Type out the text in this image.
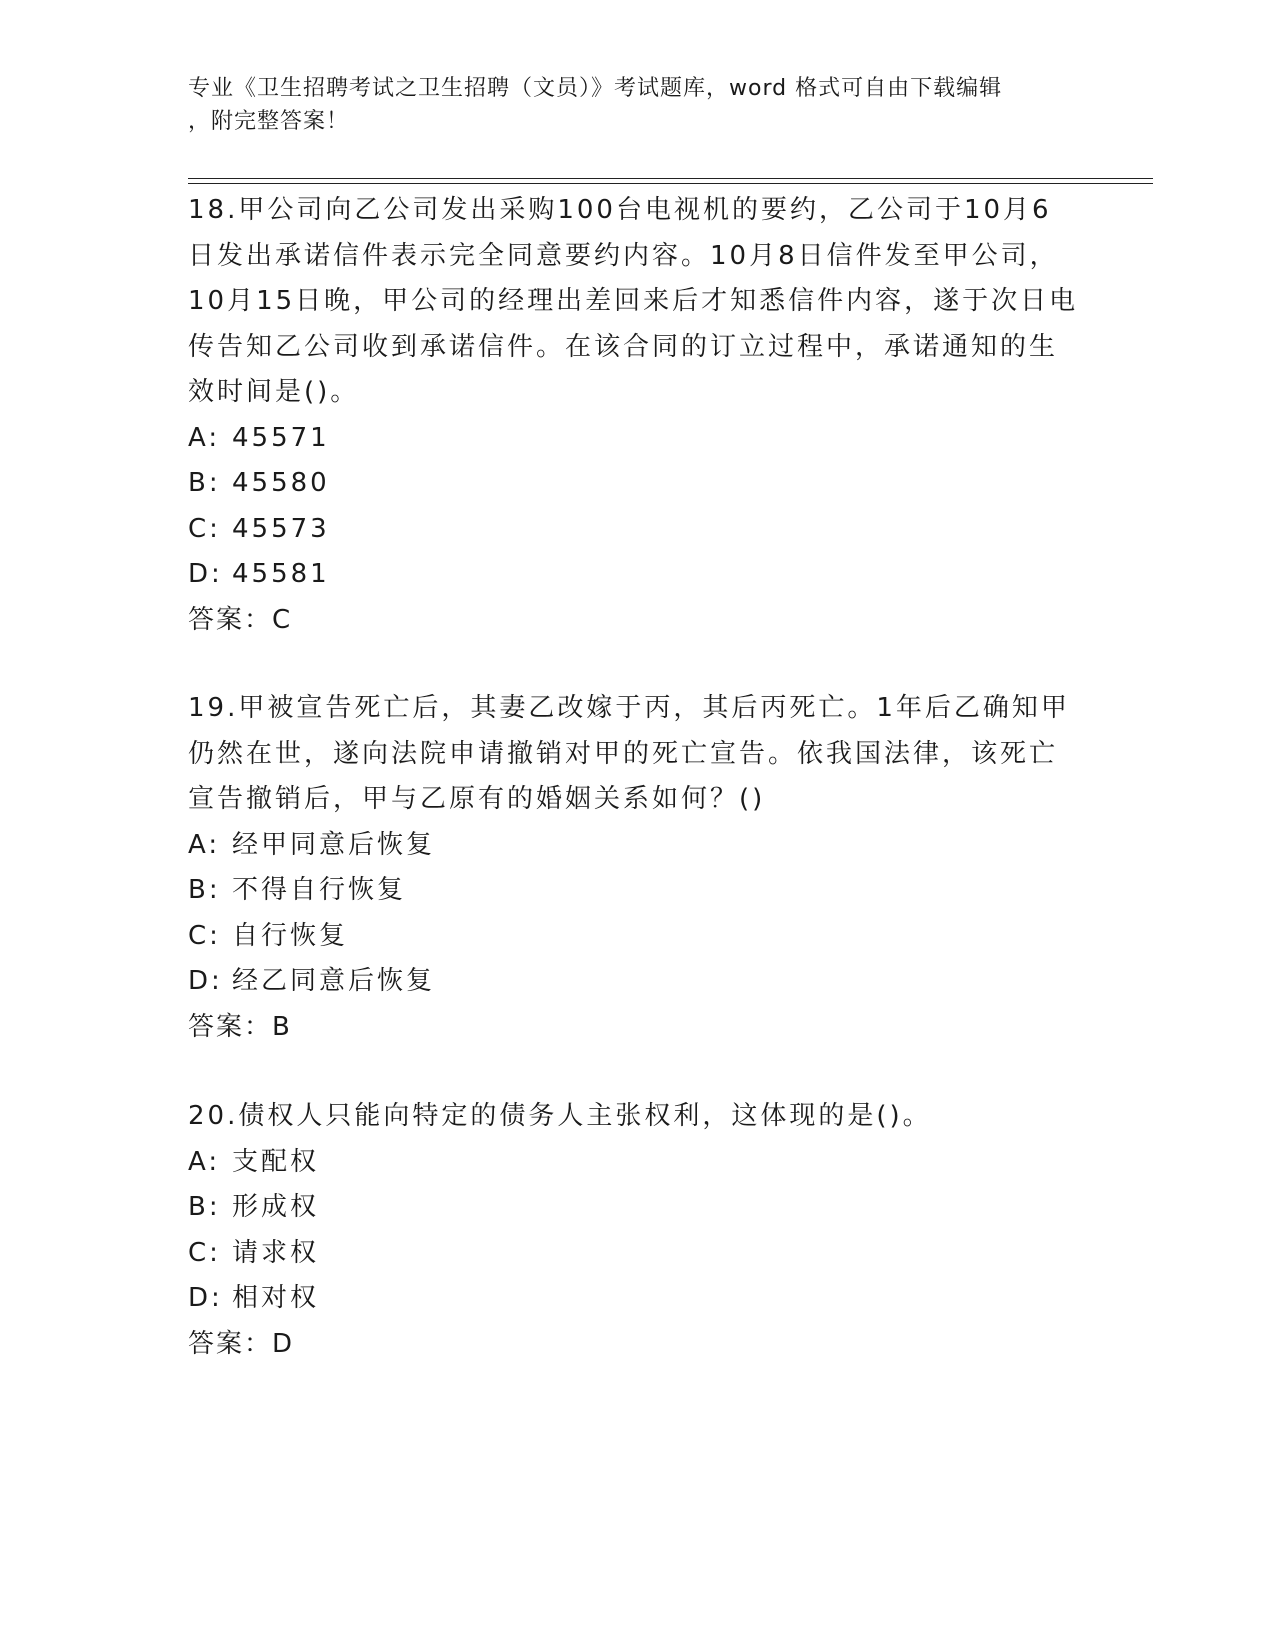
专业《卫生招聘考试之卫生招聘（文员）》考试题库，word 格式可自由下载编辑
，附完整答案！

18.甲公司向乙公司发出采购100台电视机的要约，乙公司于10月6
日发出承诺信件表示完全同意要约内容。10月8日信件发至甲公司，
10月15日晚，甲公司的经理出差回来后才知悉信件内容，遂于次日电
传告知乙公司收到承诺信件。在该合同的订立过程中，承诺通知的生
效时间是()。

A: 45571

B: 45580

C: 45573

D: 45581

答案：C

19.甲被宣告死亡后，其妻乙改嫁于丙，其后丙死亡。1年后乙确知甲
仍然在世，遂向法院申请撤销对甲的死亡宣告。依我国法律，该死亡
宣告撤销后，甲与乙原有的婚姻关系如何？()

A: 经甲同意后恢复

B: 不得自行恢复

C: 自行恢复

D: 经乙同意后恢复

答案：B

20.债权人只能向特定的债务人主张权利，这体现的是()。

A: 支配权

B: 形成权

C: 请求权

D: 相对权

答案：D
